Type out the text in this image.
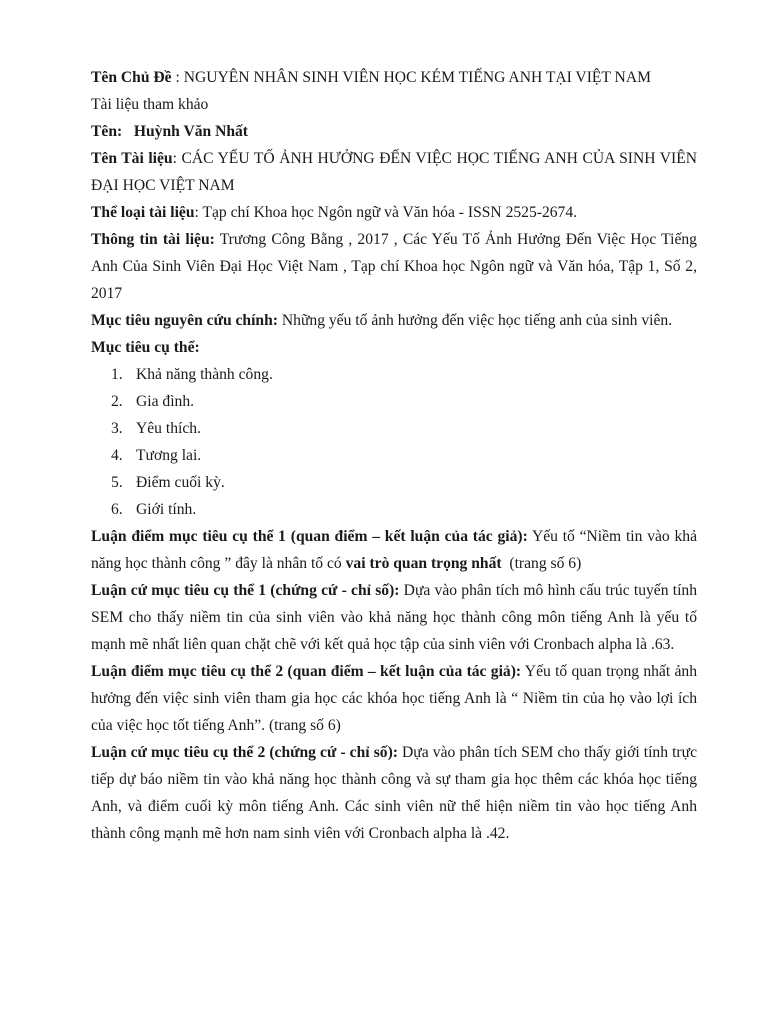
Tên Chủ Đề : NGUYÊN NHÂN SINH VIÊN HỌC KÉM TIẾNG ANH TẠI VIỆT NAM

Tài liệu tham khảo

Tên:   Huỳnh Văn Nhất

Tên Tài liệu: CÁC YẾU TỐ ẢNH HƯỞNG ĐẾN VIỆC HỌC TIẾNG ANH CỦA SINH VIÊN ĐẠI HỌC VIỆT NAM

Thể loại tài liệu: Tạp chí Khoa học Ngôn ngữ và Văn hóa - ISSN 2525-2674.

Thông tin tài liệu: Trương Công Bằng , 2017 , Các Yếu Tố Ảnh Hưởng Đến Việc Học Tiếng Anh Của Sinh Viên Đại Học Việt Nam , Tạp chí Khoa học Ngôn ngữ và Văn hóa, Tập 1, Số 2, 2017

Mục tiêu nguyên cứu chính: Những yếu tố ảnh hưởng đến việc học tiếng anh của sinh viên.

Mục tiêu cụ thể:

1. Khả năng thành công.
2. Gia đình.
3. Yêu thích.
4. Tương lai.
5. Điểm cuối kỳ.
6. Giới tính.

Luận điểm mục tiêu cụ thể 1 (quan điểm – kết luận của tác giả): Yếu tố “Niềm tin vào khả năng học thành công ” đây là nhân tố có vai trò quan trọng nhất  (trang số 6)

Luận cứ mục tiêu cụ thể 1 (chứng cứ - chỉ số): Dựa vào phân tích mô hình cấu trúc tuyến tính SEM cho thấy niềm tin của sinh viên vào khả năng học thành công môn tiếng Anh là yếu tố mạnh mẽ nhất liên quan chặt chẽ với kết quả học tập của sinh viên với Cronbach alpha là .63.

Luận điểm mục tiêu cụ thể 2 (quan điểm – kết luận của tác giả): Yếu tố quan trọng nhất ảnh hưởng đến việc sinh viên tham gia học các khóa học tiếng Anh là “ Niềm tin của họ vào lợi ích của việc học tốt tiếng Anh”. (trang số 6)

Luận cứ mục tiêu cụ thể 2 (chứng cứ - chỉ số): Dựa vào phân tích SEM cho thấy giới tính trực tiếp dự báo niềm tin vào khả năng học thành công và sự tham gia học thêm các khóa học tiếng Anh, và điểm cuối kỳ môn tiếng Anh. Các sinh viên nữ thể hiện niềm tin vào học tiếng Anh thành công mạnh mẽ hơn nam sinh viên với Cronbach alpha là .42.
